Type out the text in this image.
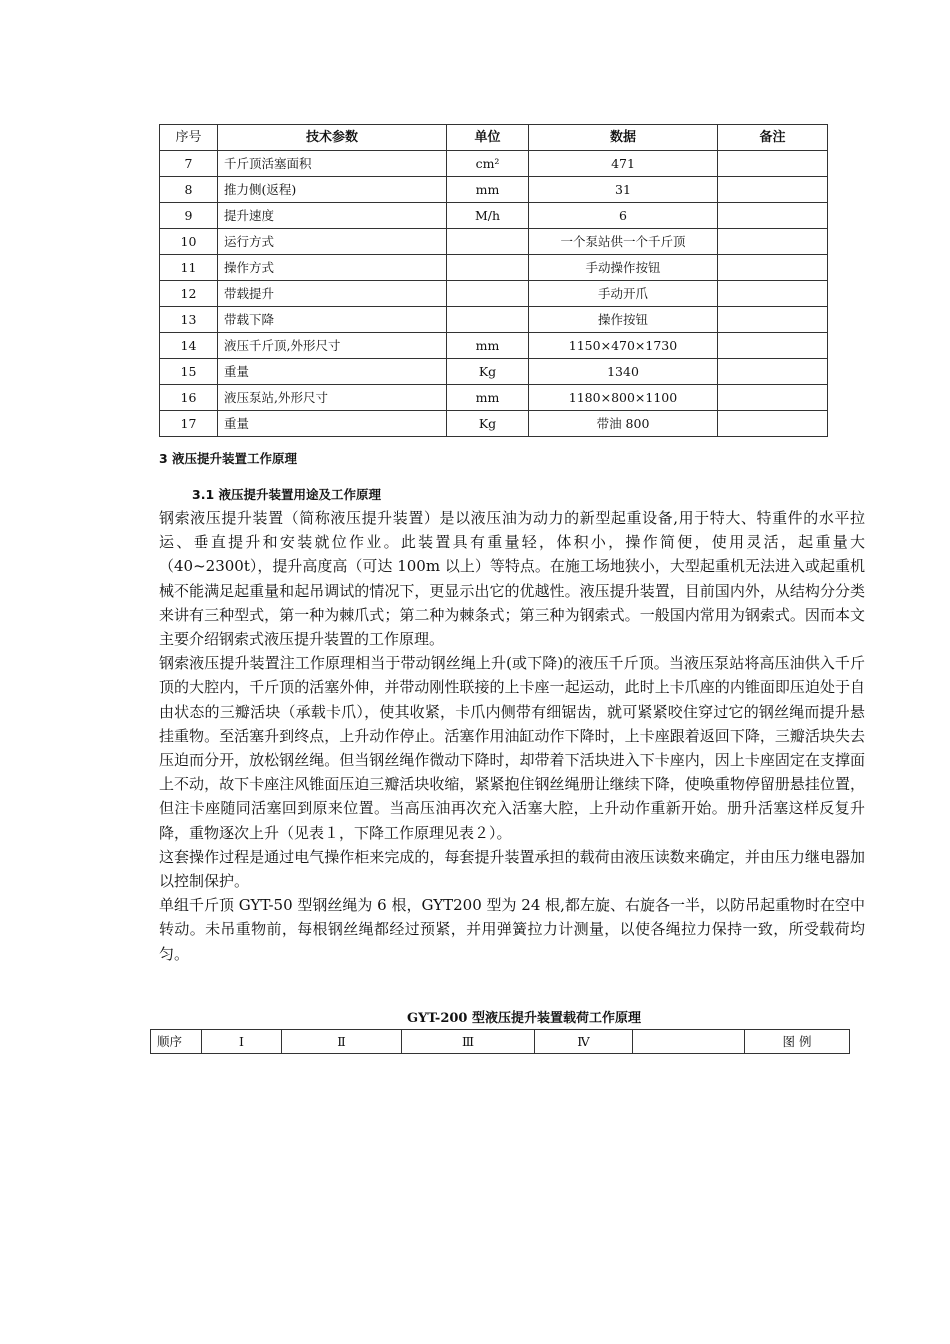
序号	技术参数	单位	数据	备注
7	千斤顶活塞面积	cm²	471	
8	推力侧(返程)	mm	31	
9	提升速度	M/h	6	
10	运行方式		一个泵站供一个千斤顶	
11	操作方式		手动操作按钮	
12	带载提升		手动开爪	
13	带载下降		操作按钮	
14	液压千斤顶,外形尺寸	mm	1150×470×1730	
15	重量	Kg	1340	
16	液压泵站,外形尺寸	mm	1180×800×1100	
17	重量	Kg	带油 800	
3 液压提升装置工作原理
3.1 液压提升装置用途及工作原理

钢索液压提升装置（简称液压提升装置）是以液压油为动力的新型起重设备,用于特大、特重件的水平拉运、垂直提升和安装就位作业。此装置具有重量轻，体积小，操作简便，使用灵活，起重量大（40~2300t），提升高度高（可达 100m 以上）等特点。在施工场地狭小，大型起重机无法进入或起重机械不能满足起重量和起吊调试的情况下，更显示出它的优越性。液压提升装置，目前国内外，从结构分分类来讲有三种型式，第一种为棘爪式；第二种为棘条式；第三种为钢索式。一般国内常用为钢索式。因而本文主要介绍钢索式液压提升装置的工作原理。

钢索液压提升装置注工作原理相当于带动钢丝绳上升(或下降)的液压千斤顶。当液压泵站将高压油供入千斤顶的大腔内，千斤顶的活塞外伸，并带动刚性联接的上卡座一起运动，此时上卡爪座的内锥面即压迫处于自由状态的三瓣活块（承载卡爪），使其收紧，卡爪内侧带有细锯齿，就可紧紧咬住穿过它的钢丝绳而提升悬挂重物。至活塞升到终点，上升动作停止。活塞作用油缸动作下降时，上卡座跟着返回下降，三瓣活块失去压迫而分开，放松钢丝绳。但当钢丝绳作微动下降时，却带着下活块进入下卡座内，因上卡座固定在支撑面上不动，故下卡座注风锥面压迫三瓣活块收缩，紧紧抱住钢丝绳册让继续下降，使唤重物停留册悬挂位置，但注卡座随同活塞回到原来位置。当高压油再次充入活塞大腔，上升动作重新开始。册升活塞这样反复升降，重物逐次上升（见表１，下降工作原理见表２）。

这套操作过程是通过电气操作柜来完成的，每套提升装置承担的载荷由液压读数来确定，并由压力继电器加以控制保护。

单组千斤顶 GYT-50 型钢丝绳为 6 根，GYT200 型为 24 根,都左旋、右旋各一半，以防吊起重物时在空中转动。未吊重物前，每根钢丝绳都经过预紧，并用弹簧拉力计测量，以使各绳拉力保持一致，所受载荷均匀。

GYT-200 型液压提升装置载荷工作原理
顺序	Ⅰ	Ⅱ	Ⅲ	Ⅳ		图 例
